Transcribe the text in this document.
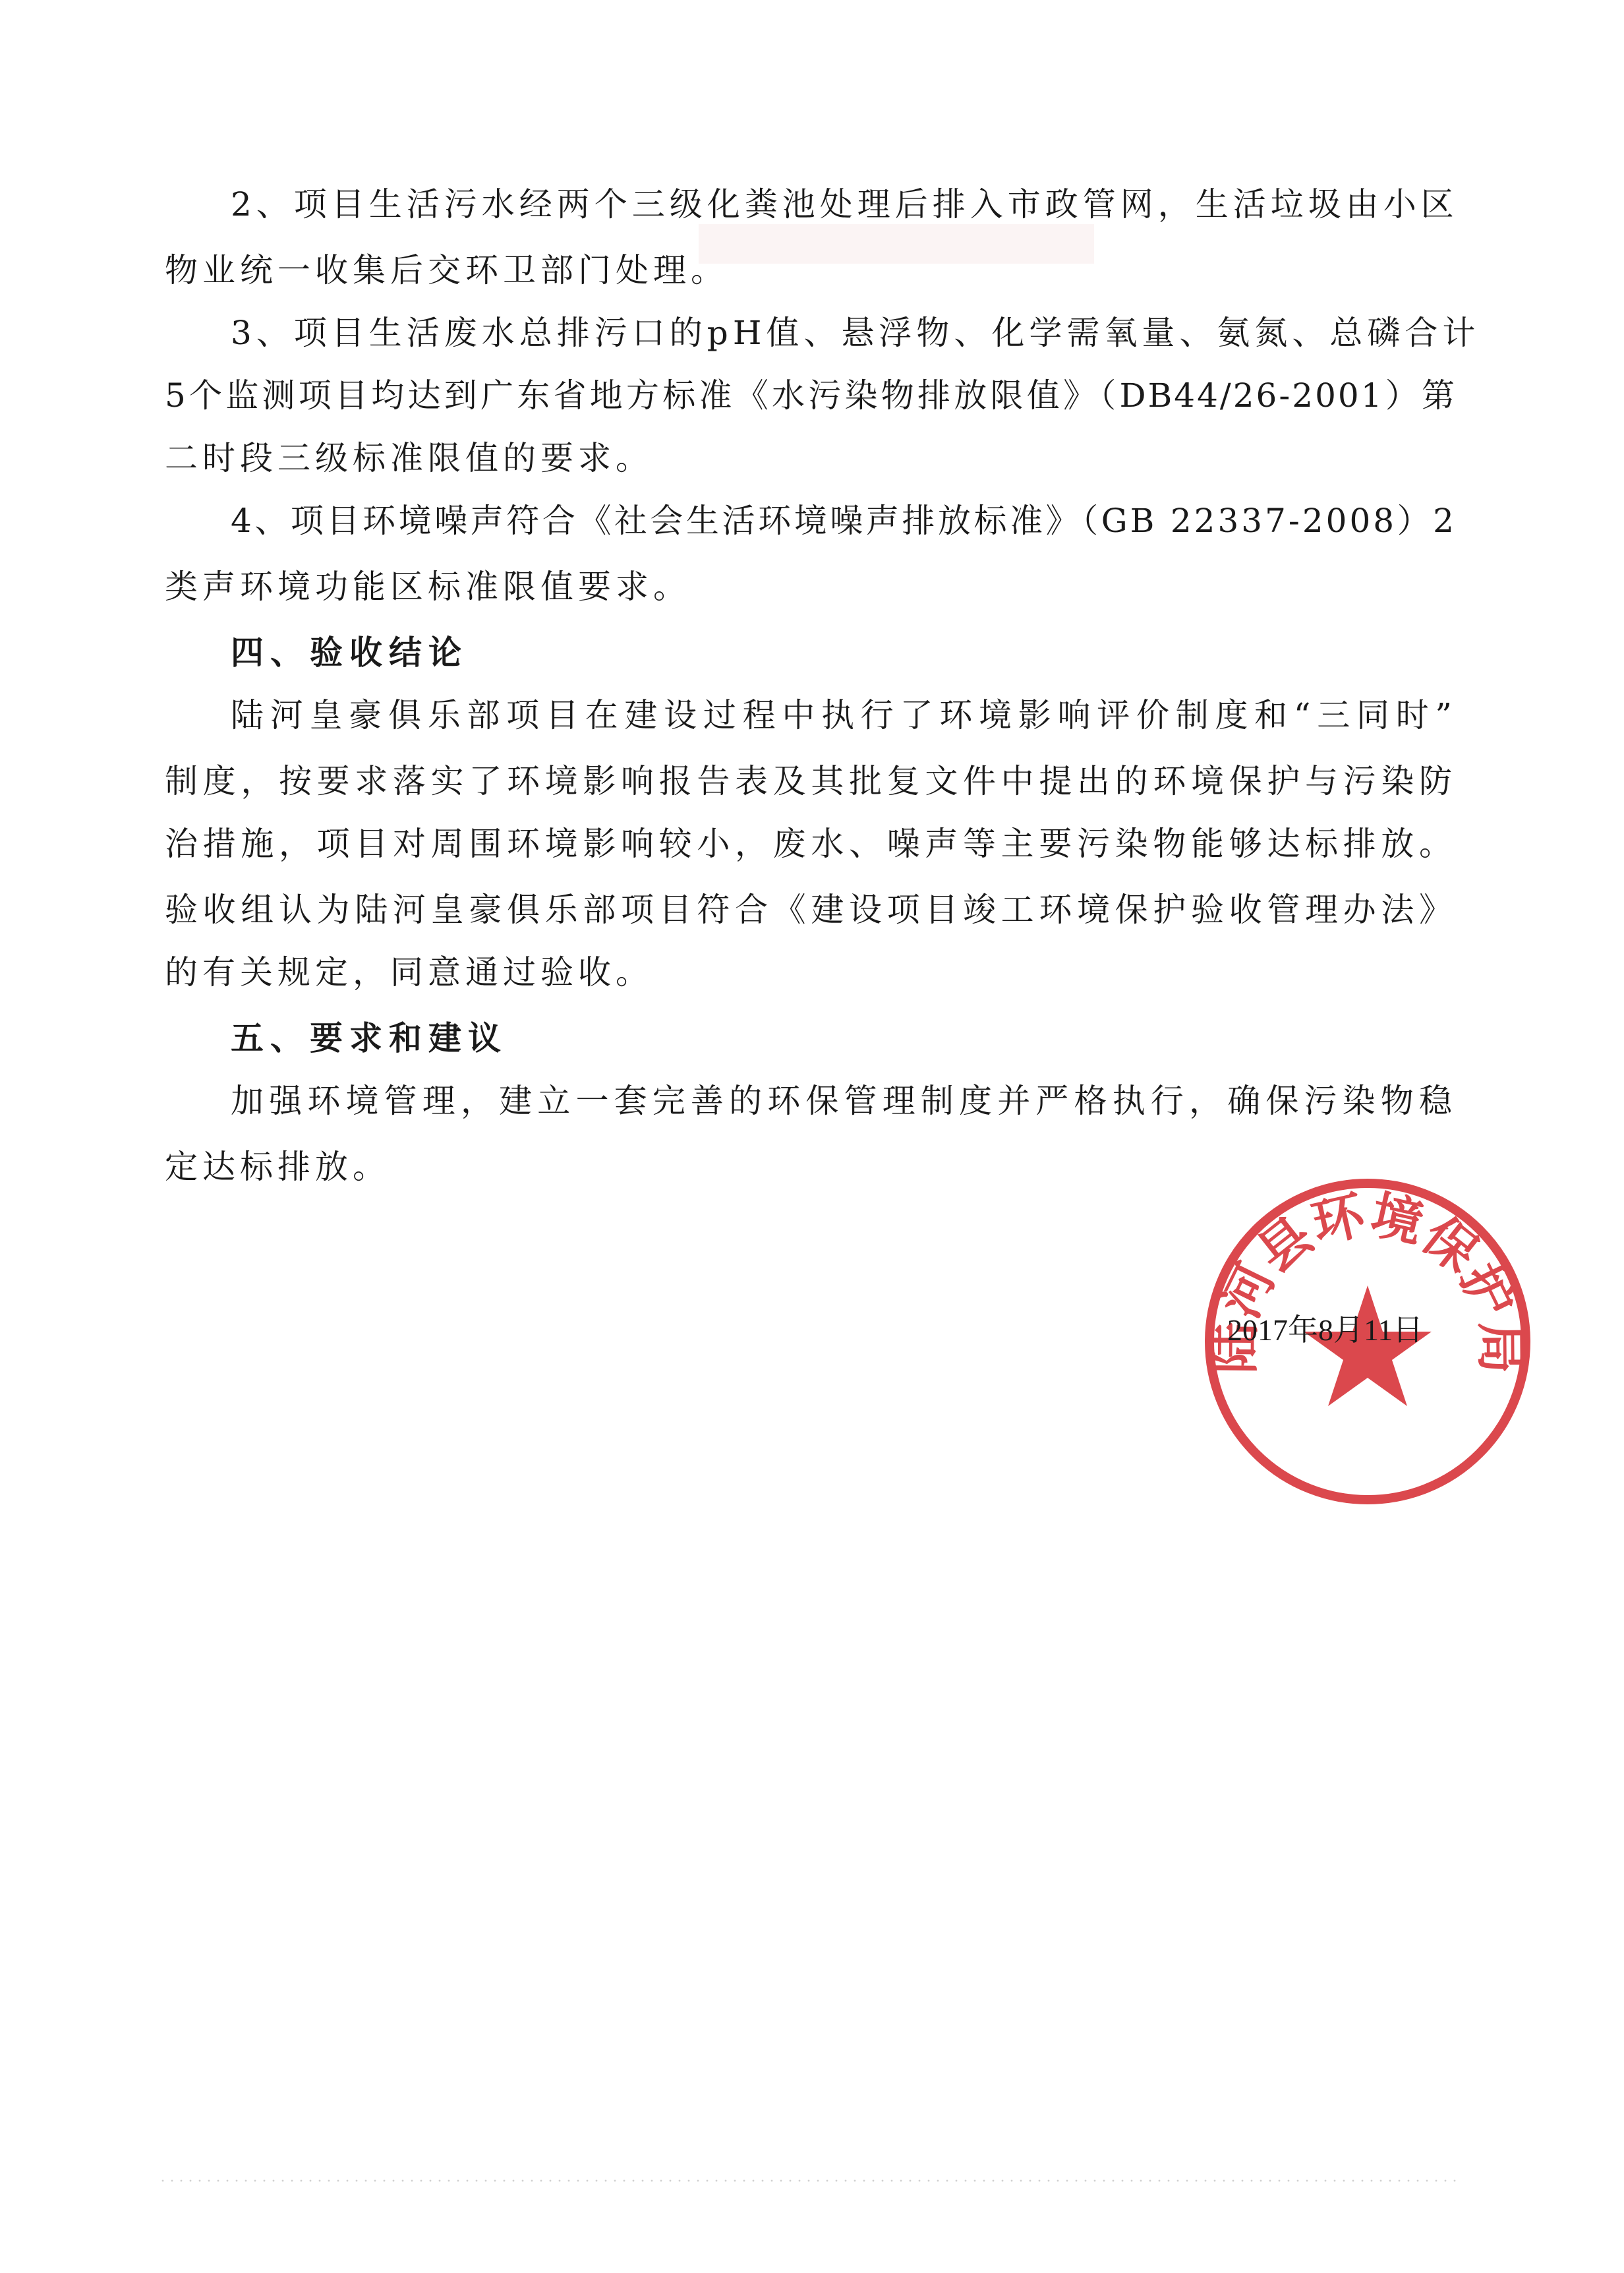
2、项目生活污水经两个三级化粪池处理后排入市政管网，生活垃圾由小区
物业统一收集后交环卫部门处理。
3、项目生活废水总排污口的pH值、悬浮物、化学需氧量、氨氮、总磷合计
5个监测项目均达到广东省地方标准《水污染物排放限值》（DB44/26-2001）第
二时段三级标准限值的要求。
4、项目环境噪声符合《社会生活环境噪声排放标准》（GB 22337-2008）2
类声环境功能区标准限值要求。
四、验收结论
陆河皇豪俱乐部项目在建设过程中执行了环境影响评价制度和“三同时”
制度，按要求落实了环境影响报告表及其批复文件中提出的环境保护与污染防
治措施，项目对周围环境影响较小，废水、噪声等主要污染物能够达标排放。
验收组认为陆河皇豪俱乐部项目符合《建设项目竣工环境保护验收管理办法》
的有关规定，同意通过验收。
五、要求和建议
加强环境管理，建立一套完善的环保管理制度并严格执行，确保污染物稳
定达标排放。
陆河县环境保护局
2017年8月11日
